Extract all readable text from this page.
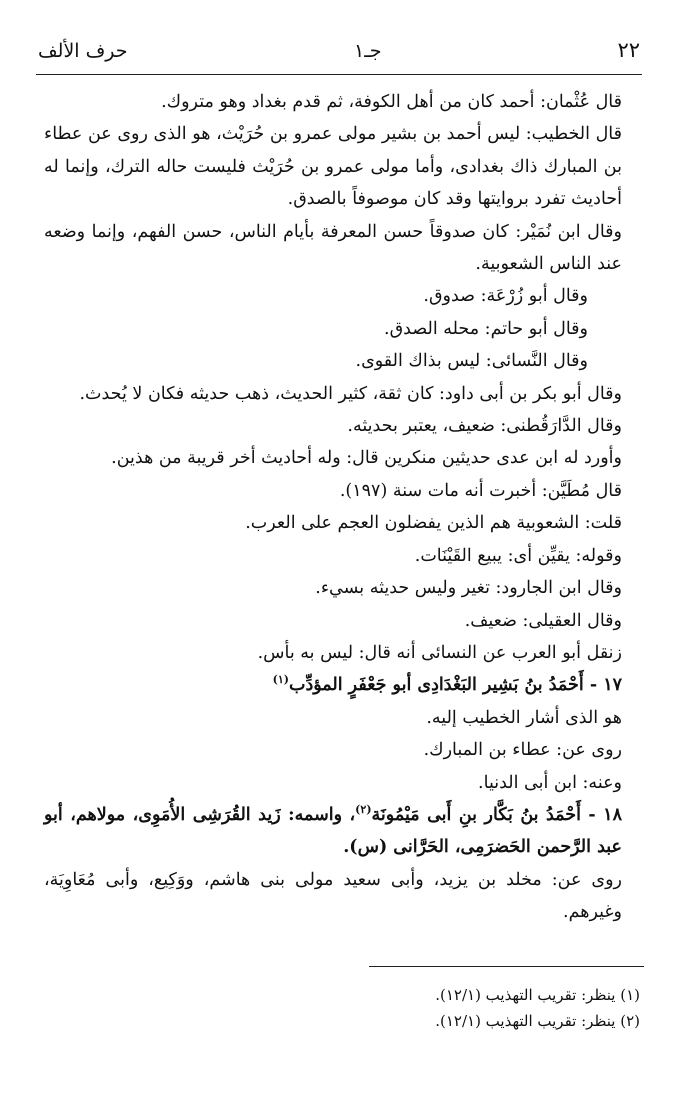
حرف الألف	جـ١	٢٢

قال عُثْمان: أحمد كان من أهل الكوفة، ثم قدم بغداد وهو متروك.

قال الخطيب: ليس أحمد بن بشير مولى عمرو بن حُرَيْث، هو الذى روى عن عطاء بن المبارك ذاك بغدادى، وأما مولى عمرو بن حُرَيْث فليست حاله الترك، وإنما له أحاديث تفرد بروايتها وقد كان موصوفاً بالصدق.

وقال ابن نُمَيْر: كان صدوقاً حسن المعرفة بأيام الناس، حسن الفهم، وإنما وضعه عند الناس الشعوبية.

وقال أبو زُرْعَة: صدوق.

وقال أبو حاتم: محله الصدق.

وقال النَّسائى: ليس بذاك القوى.

وقال أبو بكر بن أبى داود: كان ثقة، كثير الحديث، ذهب حديثه فكان لا يُحدث.

وقال الدَّارَقُطنى: ضعيف، يعتبر بحديثه.

وأورد له ابن عدى حديثين منكرين قال: وله أحاديث أخر قريبة من هذين.

قال مُطَيَّن: أخبرت أنه مات سنة (١٩٧).

قلت: الشعوبية هم الذين يفضلون العجم على العرب.

وقوله: يقيِّن أى: يبيع القَيْنَات.

وقال ابن الجارود: تغير وليس حديثه بسيء.

وقال العقيلى: ضعيف.

زنقل أبو العرب عن النسائى أنه قال: ليس به بأس.

١٧ - أَحْمَدُ بنُ بَشِير البَغْدَادِى أبو جَعْفَرٍ المؤدِّب$^{(١)}$

هو الذى أشار الخطيب إليه.

روى عن: عطاء بن المبارك.

وعنه: ابن أبى الدنيا.

١٨ - أَحْمَدُ بنُ بَكَّار بنِ أَبى مَيْمُونَة$^{(٢)}$، واسمه: زَيد القُرَشِى الأُمَوِى، مولاهم، أبو عبد الرَّحمن الحَضرَمِى، الحَرَّانى (س).

روى عن: مخلد بن يزيد، وأبى سعيد مولى بنى هاشم، ووَكِيع، وأبى مُعَاوِيَة، وغيرهم.

(١) ينظر: تقريب التهذيب (١٢/١).

(٢) ينظر: تقريب التهذيب (١٢/١).
